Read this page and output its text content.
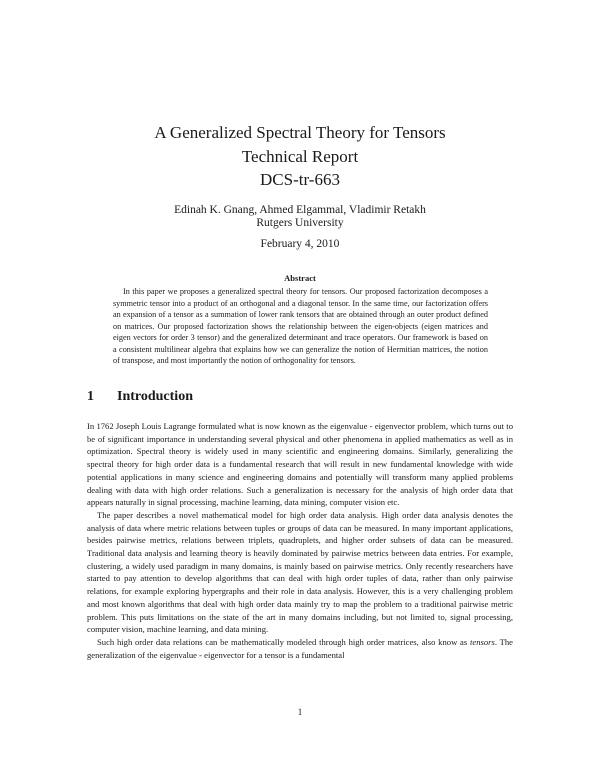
A Generalized Spectral Theory for Tensors
Technical Report
DCS-tr-663
Edinah K. Gnang, Ahmed Elgammal, Vladimir Retakh
Rutgers University
February 4, 2010
Abstract
In this paper we proposes a generalized spectral theory for tensors. Our proposed factorization decomposes a symmetric tensor into a product of an orthogonal and a diagonal tensor. In the same time, our factorization offers an expansion of a tensor as a summation of lower rank tensors that are obtained through an outer product defined on matrices. Our proposed factorization shows the relationship between the eigen-objects (eigen matrices and eigen vectors for order 3 tensor) and the generalized determinant and trace operators. Our framework is based on a consistent multilinear algebra that explains how we can generalize the notion of Hermitian matrices, the notion of transpose, and most importantly the notion of orthogonality for tensors.
1 Introduction

In 1762 Joseph Louis Lagrange formulated what is now known as the eigenvalue - eigenvector problem, which turns out to be of significant importance in understanding several physical and other phenomena in applied mathematics as well as in optimization. Spectral theory is widely used in many scientific and engineering domains. Similarly, generalizing the spectral theory for high order data is a fundamental research that will result in new fundamental knowledge with wide potential applications in many science and engineering domains and potentially will transform many applied problems dealing with data with high order relations. Such a generalization is necessary for the analysis of high order data that appears naturally in signal processing, machine learning, data mining, computer vision etc.

The paper describes a novel mathematical model for high order data analysis. High order data analysis denotes the analysis of data where metric relations between tuples or groups of data can be measured. In many important applications, besides pairwise metrics, relations between triplets, quadruplets, and higher order subsets of data can be measured. Traditional data analysis and learning theory is heavily dominated by pairwise metrics between data entries. For example, clustering, a widely used paradigm in many domains, is mainly based on pairwise metrics. Only recently researchers have started to pay attention to develop algorithms that can deal with high order tuples of data, rather than only pairwise relations, for example exploring hypergraphs and their role in data analysis. However, this is a very challenging problem and most known algorithms that deal with high order data mainly try to map the problem to a traditional pairwise metric problem. This puts limitations on the state of the art in many domains including, but not limited to, signal processing, computer vision, machine learning, and data mining.

Such high order data relations can be mathematically modeled through high order matrices, also know as tensors. The generalization of the eigenvalue - eigenvector for a tensor is a fundamental

1
